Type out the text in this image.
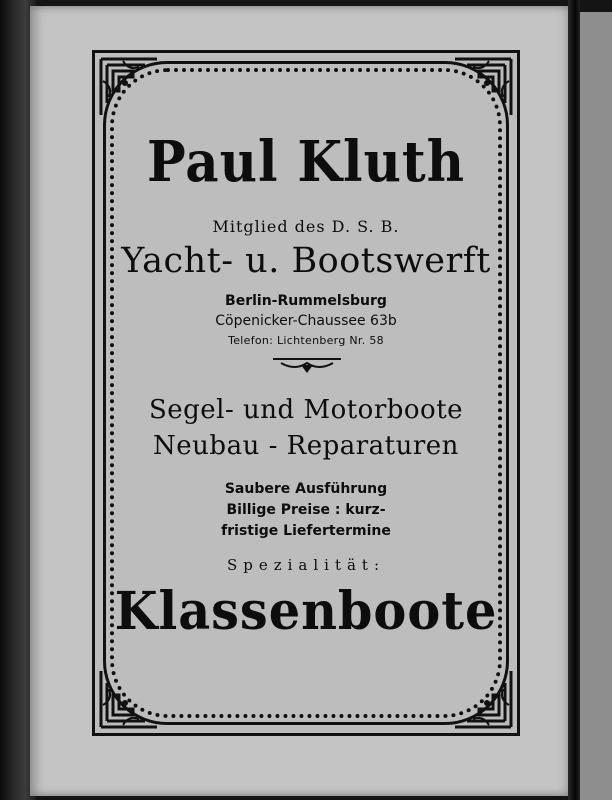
Paul Kluth
Mitglied des D. S. B.
Yacht- u. Bootswerft
Berlin-Rummelsburg
Cöpenicker-Chaussee 63b
Telefon: Lichtenberg Nr. 58
Segel- und Motorboote
Neubau - Reparaturen
Saubere Ausführung
Billige Preise : kurz-
fristige Liefertermine
Spezialität:
Klassenboote
